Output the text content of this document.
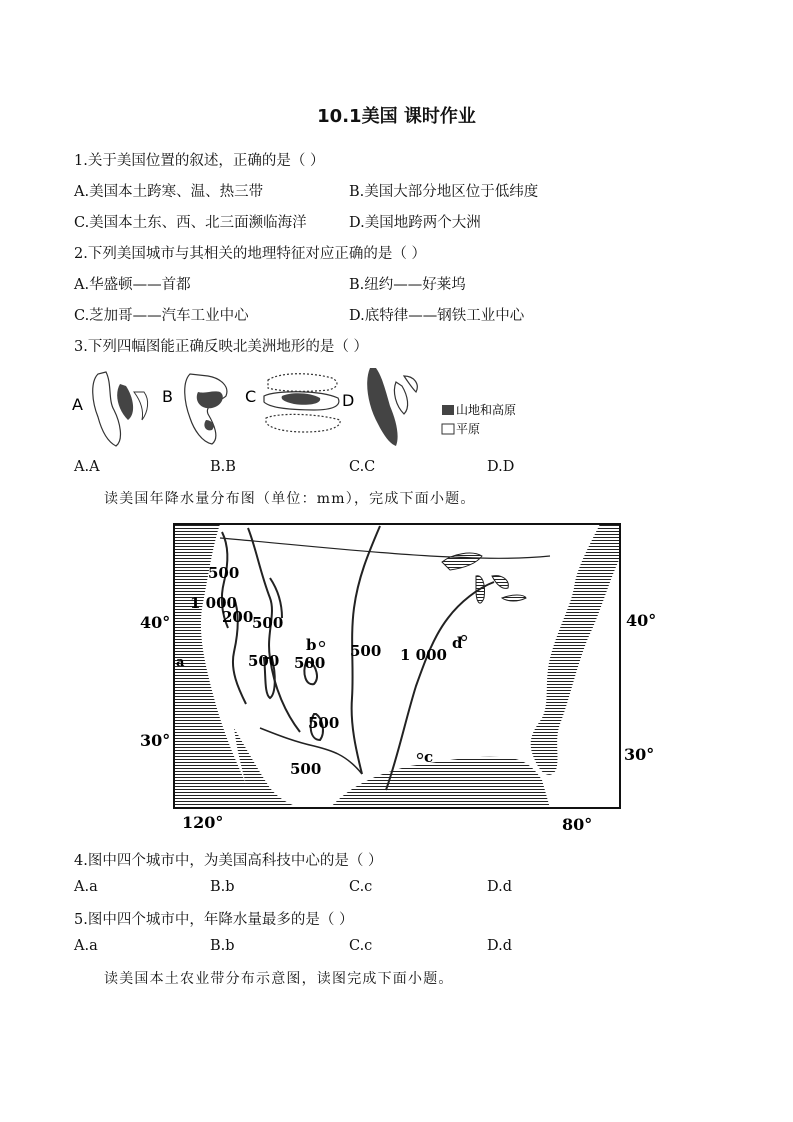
10.1美国 课时作业
1.关于美国位置的叙述，正确的是（ ）
A.美国本土跨寒、温、热三带	B.美国大部分地区位于低纬度
C.美国本土东、西、北三面濒临海洋	D.美国地跨两个大洲
2.下列美国城市与其相关的地理特征对应正确的是（ ）
A.华盛顿——首都	B.纽约——好莱坞
C.芝加哥——汽车工业中心	D.底特律——钢铁工业中心
3.下列四幅图能正确反映北美洲地形的是（ ）
A	B	C	D	山地和高原
平原
A.A	B.B	C.C	D.D
读美国年降水量分布图（单位：mm），完成下面小题。
500
1 000
200
500
500 500
500
500
500
1 000
a
b
c
d
40°	40°
30°
30°
120°	80°
4.图中四个城市中，为美国高科技中心的是（ ）
A.a	B.b	C.c	D.d
5.图中四个城市中，年降水量最多的是（ ）
A.a	B.b	C.c	D.d
读美国本土农业带分布示意图，读图完成下面小题。
